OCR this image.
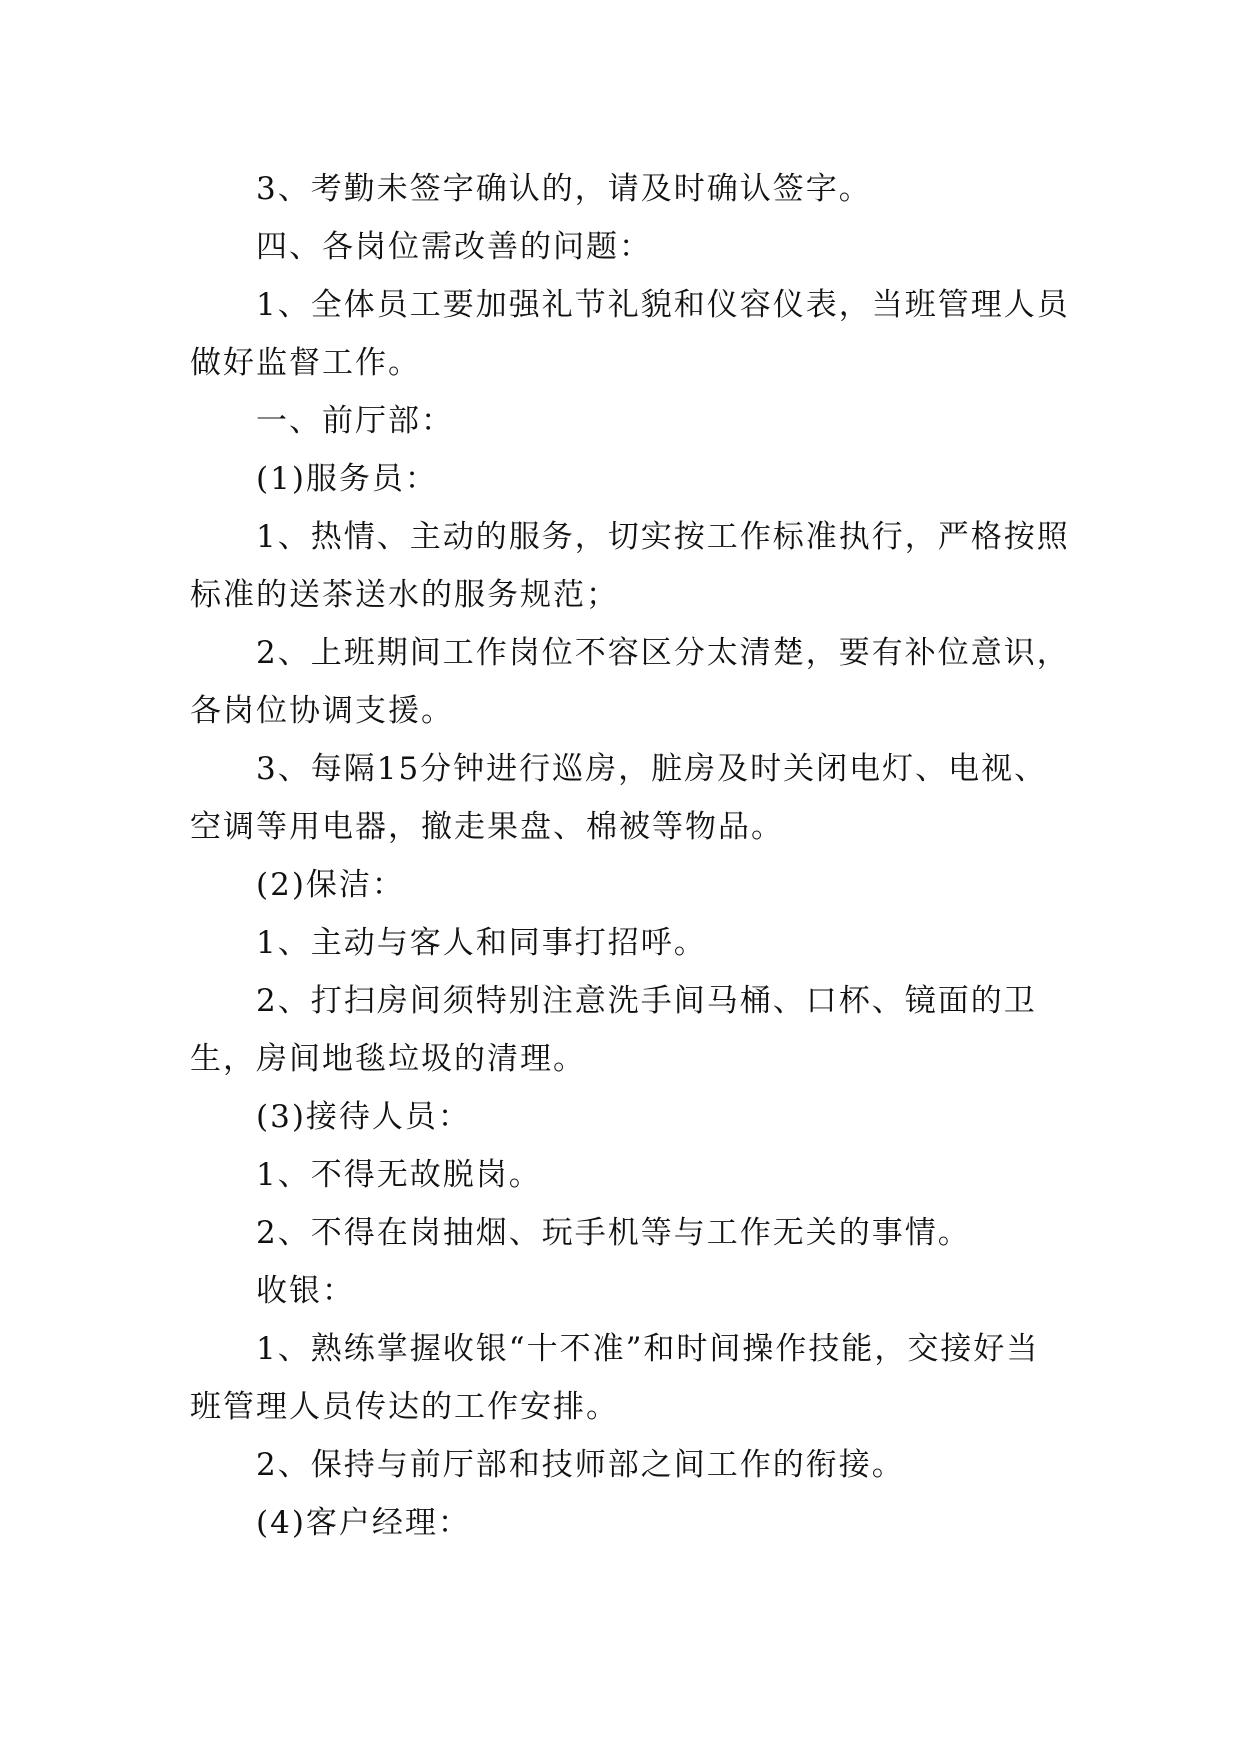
3、考勤未签字确认的，请及时确认签字。

四、各岗位需改善的问题：

1、全体员工要加强礼节礼貌和仪容仪表，当班管理人员做好监督工作。

一、前厅部：

(1)服务员：

1、热情、主动的服务，切实按工作标准执行，严格按照标准的送茶送水的服务规范；

2、上班期间工作岗位不容区分太清楚，要有补位意识，各岗位协调支援。

3、每隔15分钟进行巡房，脏房及时关闭电灯、电视、空调等用电器，撤走果盘、棉被等物品。

(2)保洁：

1、主动与客人和同事打招呼。

2、打扫房间须特别注意洗手间马桶、口杯、镜面的卫生，房间地毯垃圾的清理。

(3)接待人员：

1、不得无故脱岗。

2、不得在岗抽烟、玩手机等与工作无关的事情。

收银：

1、熟练掌握收银“十不准”和时间操作技能，交接好当班管理人员传达的工作安排。

2、保持与前厅部和技师部之间工作的衔接。

(4)客户经理：
